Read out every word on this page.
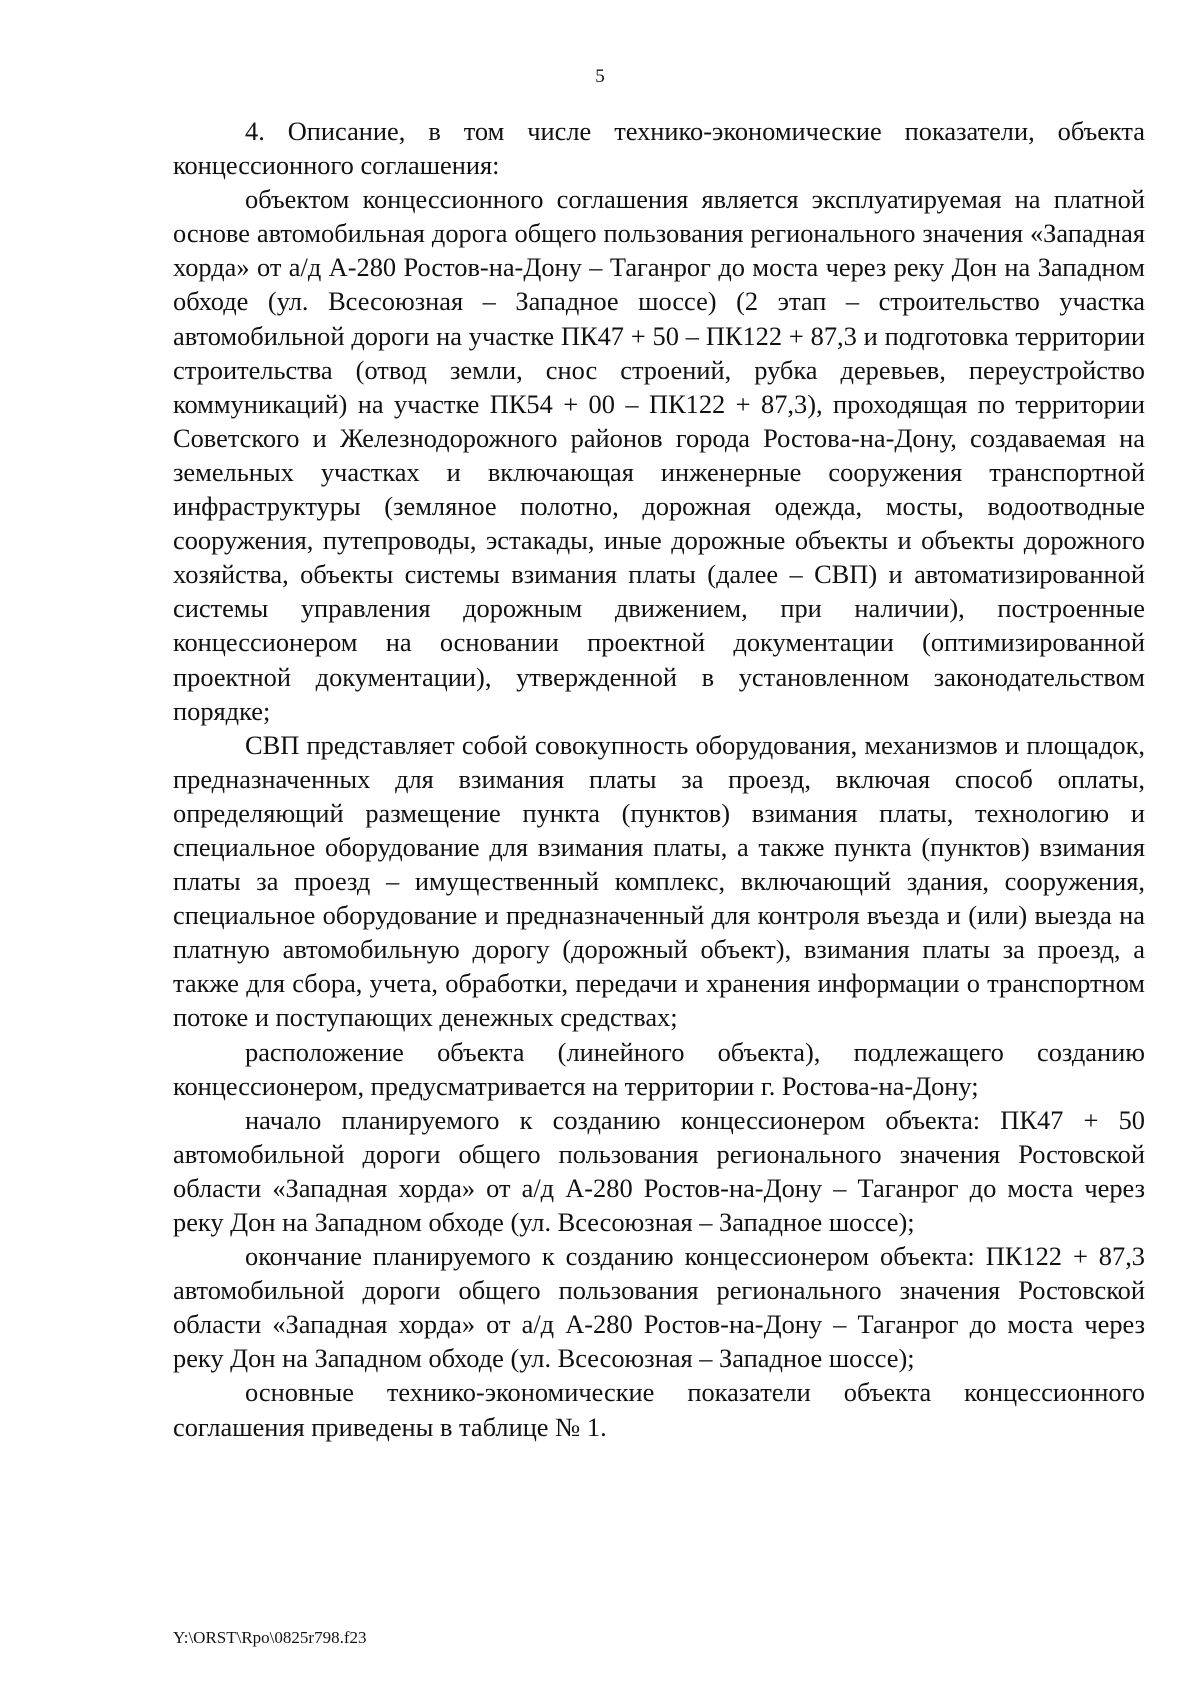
5

4. Описание, в том числе технико-экономические показатели, объекта концессионного соглашения:

объектом концессионного соглашения является эксплуатируемая на платной основе автомобильная дорога общего пользования регионального значения «Западная хорда» от а/д А-280 Ростов-на-Дону – Таганрог до моста через реку Дон на Западном обходе (ул. Всесоюзная – Западное шоссе) (2 этап – строительство участка автомобильной дороги на участке ПК47 + 50 – ПК122 + 87,3 и подготовка территории строительства (отвод земли, снос строений, рубка деревьев, переустройство коммуникаций) на участке ПК54 + 00 – ПК122 + 87,3), проходящая по территории Советского и Железнодорожного районов города Ростова-на-Дону, создаваемая на земельных участках и включающая инженерные сооружения транспортной инфраструктуры (земляное полотно, дорожная одежда, мосты, водоотводные сооружения, путепроводы, эстакады, иные дорожные объекты и объекты дорожного хозяйства, объекты системы взимания платы (далее – СВП) и автоматизированной системы управления дорожным движением, при наличии), построенные концессионером на основании проектной документации (оптимизированной проектной документации), утвержденной в установленном законодательством порядке;

СВП представляет собой совокупность оборудования, механизмов и площадок, предназначенных для взимания платы за проезд, включая способ оплаты, определяющий размещение пункта (пунктов) взимания платы, технологию и специальное оборудование для взимания платы, а также пункта (пунктов) взимания платы за проезд – имущественный комплекс, включающий здания, сооружения, специальное оборудование и предназначенный для контроля въезда и (или) выезда на платную автомобильную дорогу (дорожный объект), взимания платы за проезд, а также для сбора, учета, обработки, передачи и хранения информации о транспортном потоке и поступающих денежных средствах;

расположение объекта (линейного объекта), подлежащего созданию концессионером, предусматривается на территории г. Ростова-на-Дону;

начало планируемого к созданию концессионером объекта: ПК47 + 50 автомобильной дороги общего пользования регионального значения Ростовской области «Западная хорда» от а/д А-280 Ростов-на-Дону – Таганрог до моста через реку Дон на Западном обходе (ул. Всесоюзная – Западное шоссе);

окончание планируемого к созданию концессионером объекта: ПК122 + 87,3 автомобильной дороги общего пользования регионального значения Ростовской области «Западная хорда» от а/д А-280 Ростов-на-Дону – Таганрог до моста через реку Дон на Западном обходе (ул. Всесоюзная – Западное шоссе);

основные технико-экономические показатели объекта концессионного соглашения приведены в таблице № 1.

Y:\ORST\Rpo\0825r798.f23
